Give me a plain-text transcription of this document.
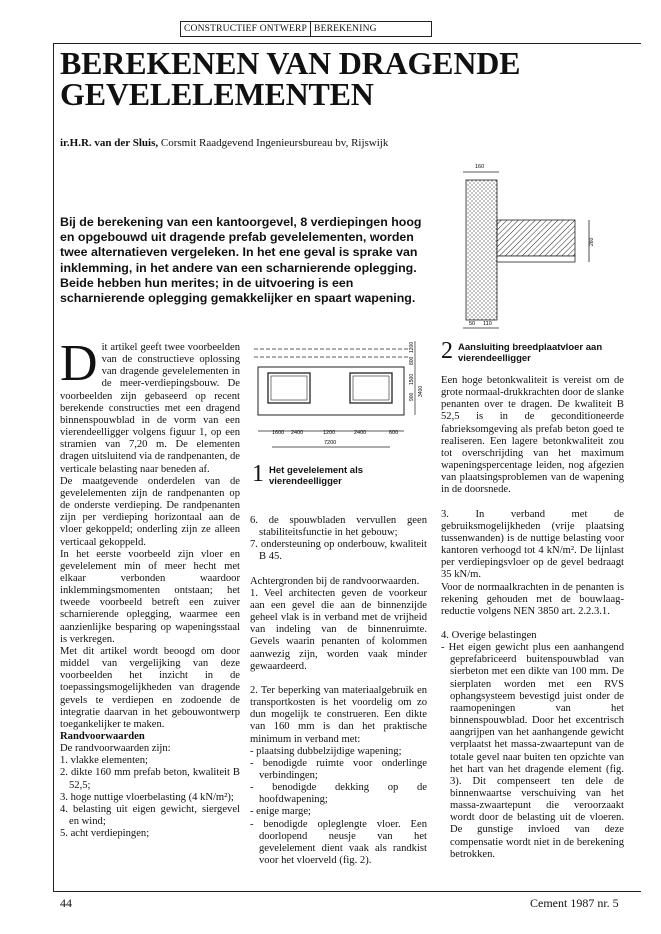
CONSTRUCTIEF ONTWERP BEREKENING
BEREKENEN VAN DRAGENDE GEVELELEMENTEN
ir.H.R. van der Sluis, Corsmit Raadgevend Ingenieursbureau bv, Rijswijk

Bij de berekening van een kantoorgevel, 8 verdiepingen hoog en opgebouwd uit dragende prefab gevelelementen, worden twee alternatieven vergeleken. In het ene geval is sprake van inklemming, in het andere van een scharnierende oplegging. Beide hebben hun merites; in de uitvoering is een scharnierende oplegging gemakkelijker en spaart wapening.

Dit artikel geeft twee voorbeelden van de constructieve oplossing van dragende gevelelementen in de meer-verdiepingsbouw. De voorbeelden zijn gebaseerd op recent berekende constructies met een dragend binnenspouwblad in de vorm van een vierendeelligger volgens figuur 1, op een stramien van 7,20 m. De elementen dragen uitsluitend via de randpenanten, de verticale belasting naar beneden af.

De maatgevende onderdelen van de gevelelementen zijn de randpenanten op de onderste verdieping. De randpenanten zijn per verdieping horizontaal aan de vloer gekoppeld; onderling zijn ze alleen verticaal gekoppeld.

In het eerste voorbeeld zijn vloer en gevelelement min of meer hecht met elkaar verbonden waardoor inklemmingsmomenten ontstaan; het tweede voorbeeld betreft een zuiver scharnierende oplegging, waarmee een aanzienlijke besparing op wapeningsstaal is verkregen.

Met dit artikel wordt beoogd om door middel van vergelijking van deze voorbeelden het inzicht in de toepassingsmogelijkheden van dragende gevels te verdiepen en zodoende de integratie daarvan in het gebouwontwerp toegankelijker te maken.

Randvoorwaarden

De randvoorwaarden zijn:

1. vlakke elementen;

2. dikte 160 mm prefab beton, kwaliteit B 52,5;

3. hoge nuttige vloerbelasting (4 kN/m²);

4. belasting uit eigen gewicht, siergevel en wind;

5. acht verdiepingen;

1600 2400	1200	2400	600
7200
1200
800
1500
900 3400
1 Het gevelelement als vierendeelligger

6. de spouwbladen vervullen geen stabiliteitsfunctie in het gebouw;

7. ondersteuning op onderbouw, kwaliteit B 45.

Achtergronden bij de randvoorwaarden.

1. Veel architecten geven de voorkeur aan een gevel die aan de binnenzijde geheel vlak is in verband met de vrijheid van indeling van de binnenruimte. Gevels waarin penanten of kolommen aanwezig zijn, worden vaak minder gewaardeerd.

2. Ter beperking van materiaalgebruik en transportkosten is het voordelig om zo dun mogelijk te construeren. Een dikte van 160 mm is dan het praktische minimum in verband met:

- plaatsing dubbelzijdige wapening;

- benodigde ruimte voor onderlinge verbindingen;

- benodigde dekking op de hoofdwapening;

- enige marge;

- benodigde opleglengte vloer. Een doorlopend neusje van het gevelelement dient vaak als randkist voor het vloerveld (fig. 2).

160
260
50 110
2 Aansluiting breedplaatvloer aan vierendeelligger

Een hoge betonkwaliteit is vereist om de grote normaal-drukkrachten door de slanke penanten over te dragen. De kwaliteit B 52,5 is in de geconditioneerde fabrieksomgeving als prefab beton goed te realiseren. Een lagere betonkwaliteit zou tot overschrijding van het maximum wapeningspercentage leiden, nog afgezien van plaatsingsproblemen van de wapening in de doorsnede.

3. In verband met de gebruiksmogelijkheden (vrije plaatsing tussenwanden) is de nuttige belasting voor kantoren verhoogd tot 4 kN/m². De lijnlast per verdiepingsvloer op de gevel bedraagt 35 kN/m.

Voor de normaalkrachten in de penanten is rekening gehouden met de bouwlaag-reductie volgens NEN 3850 art. 2.2.3.1.

4. Overige belastingen

- Het eigen gewicht plus een aanhangend geprefabriceerd buitenspouwblad van sierbeton met een dikte van 100 mm. De sierplaten worden met een RVS ophangsysteem bevestigd juist onder de raamopeningen van het binnenspouwblad. Door het excentrisch aangrijpen van het aanhangende gewicht verplaatst het massa-zwaartepunt van de totale gevel naar buiten ten opzichte van het hart van het dragende element (fig. 3). Dit compenseert ten dele de binnenwaartse verschuiving van het massa-zwaartepunt die veroorzaakt wordt door de belasting uit de vloeren. De gunstige invloed van deze compensatie wordt niet in de berekening betrokken.

44	Cement 1987 nr. 5
